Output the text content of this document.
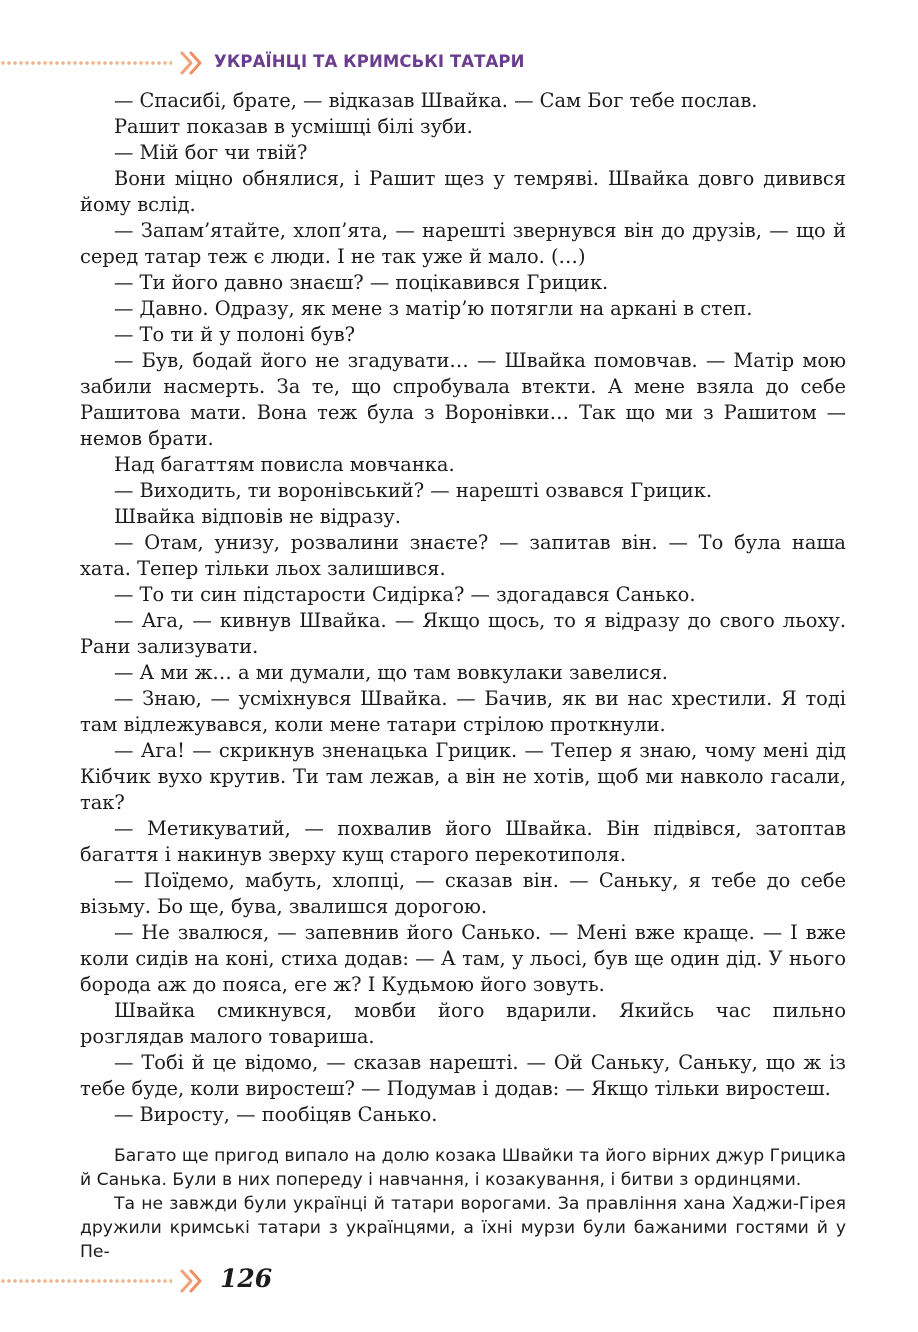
УКРАЇНЦІ ТА КРИМСЬКІ ТАТАРИ

— Спасибі, брате, — відказав Швайка. — Сам Бог тебе послав.

Рашит показав в усмішці білі зуби.

— Мій бог чи твій?

Вони міцно обнялися, і Рашит щез у темряві. Швайка довго дивився йому вслід.

— Запам’ятайте, хлоп’ята, — нарешті звернувся він до друзів, — що й серед татар теж є люди. І не так уже й мало. (…)

— Ти його давно знаєш? — поцікавився Грицик.

— Давно. Одразу, як мене з матір’ю потягли на аркані в степ.

— То ти й у полоні був?

— Був, бодай його не згадувати… — Швайка помовчав. — Матір мою забили насмерть. За те, що спробувала втекти. А мене взяла до себе Рашитова мати. Вона теж була з Воронівки… Так що ми з Рашитом — немов брати.

Над багаттям повисла мовчанка.

— Виходить, ти воронівський? — нарешті озвався Грицик.

Швайка відповів не відразу.

— Отам, унизу, розвалини знаєте? — запитав він. — То була наша хата. Тепер тільки льох залишився.

— То ти син підстарости Сидірка? — здогадався Санько.

— Ага, — кивнув Швайка. — Якщо щось, то я відразу до свого льоху. Рани зализувати.

— А ми ж… а ми думали, що там вовкулаки завелися.

— Знаю, — усміхнувся Швайка. — Бачив, як ви нас хрестили. Я тоді там відлежувався, коли мене татари стрілою проткнули.

— Ага! — скрикнув зненацька Грицик. — Тепер я знаю, чому мені дід Кібчик вухо крутив. Ти там лежав, а він не хотів, щоб ми навколо гасали, так?

— Метикуватий, — похвалив його Швайка. Він підвівся, затоптав багаття і накинув зверху кущ старого перекотиполя.

— Поїдемо, мабуть, хлопці, — сказав він. — Саньку, я тебе до себе візьму. Бо ще, бува, звалишся дорогою.

— Не звалюся, — запевнив його Санько. — Мені вже краще. — І вже коли сидів на коні, стиха додав: — А там, у льосі, був ще один дід. У нього борода аж до пояса, еге ж? І Кудьмою його зовуть.

Швайка смикнувся, мовби його вдарили. Якийсь час пильно розглядав малого товариша.

— Тобі й це відомо, — сказав нарешті. — Ой Саньку, Саньку, що ж із тебе буде, коли виростеш? — Подумав і додав: — Якщо тільки виростеш.

— Виросту, — пообіцяв Санько.

Багато ще пригод випало на долю козака Швайки та його вірних джур Грицика й Санька. Були в них попереду і навчання, і козакування, і битви з ординцями.

Та не завжди були українці й татари ворогами. За правління хана Хаджи-Гірея дружили кримські татари з українцями, а їхні мурзи були бажаними гостями й у Пе-

126
